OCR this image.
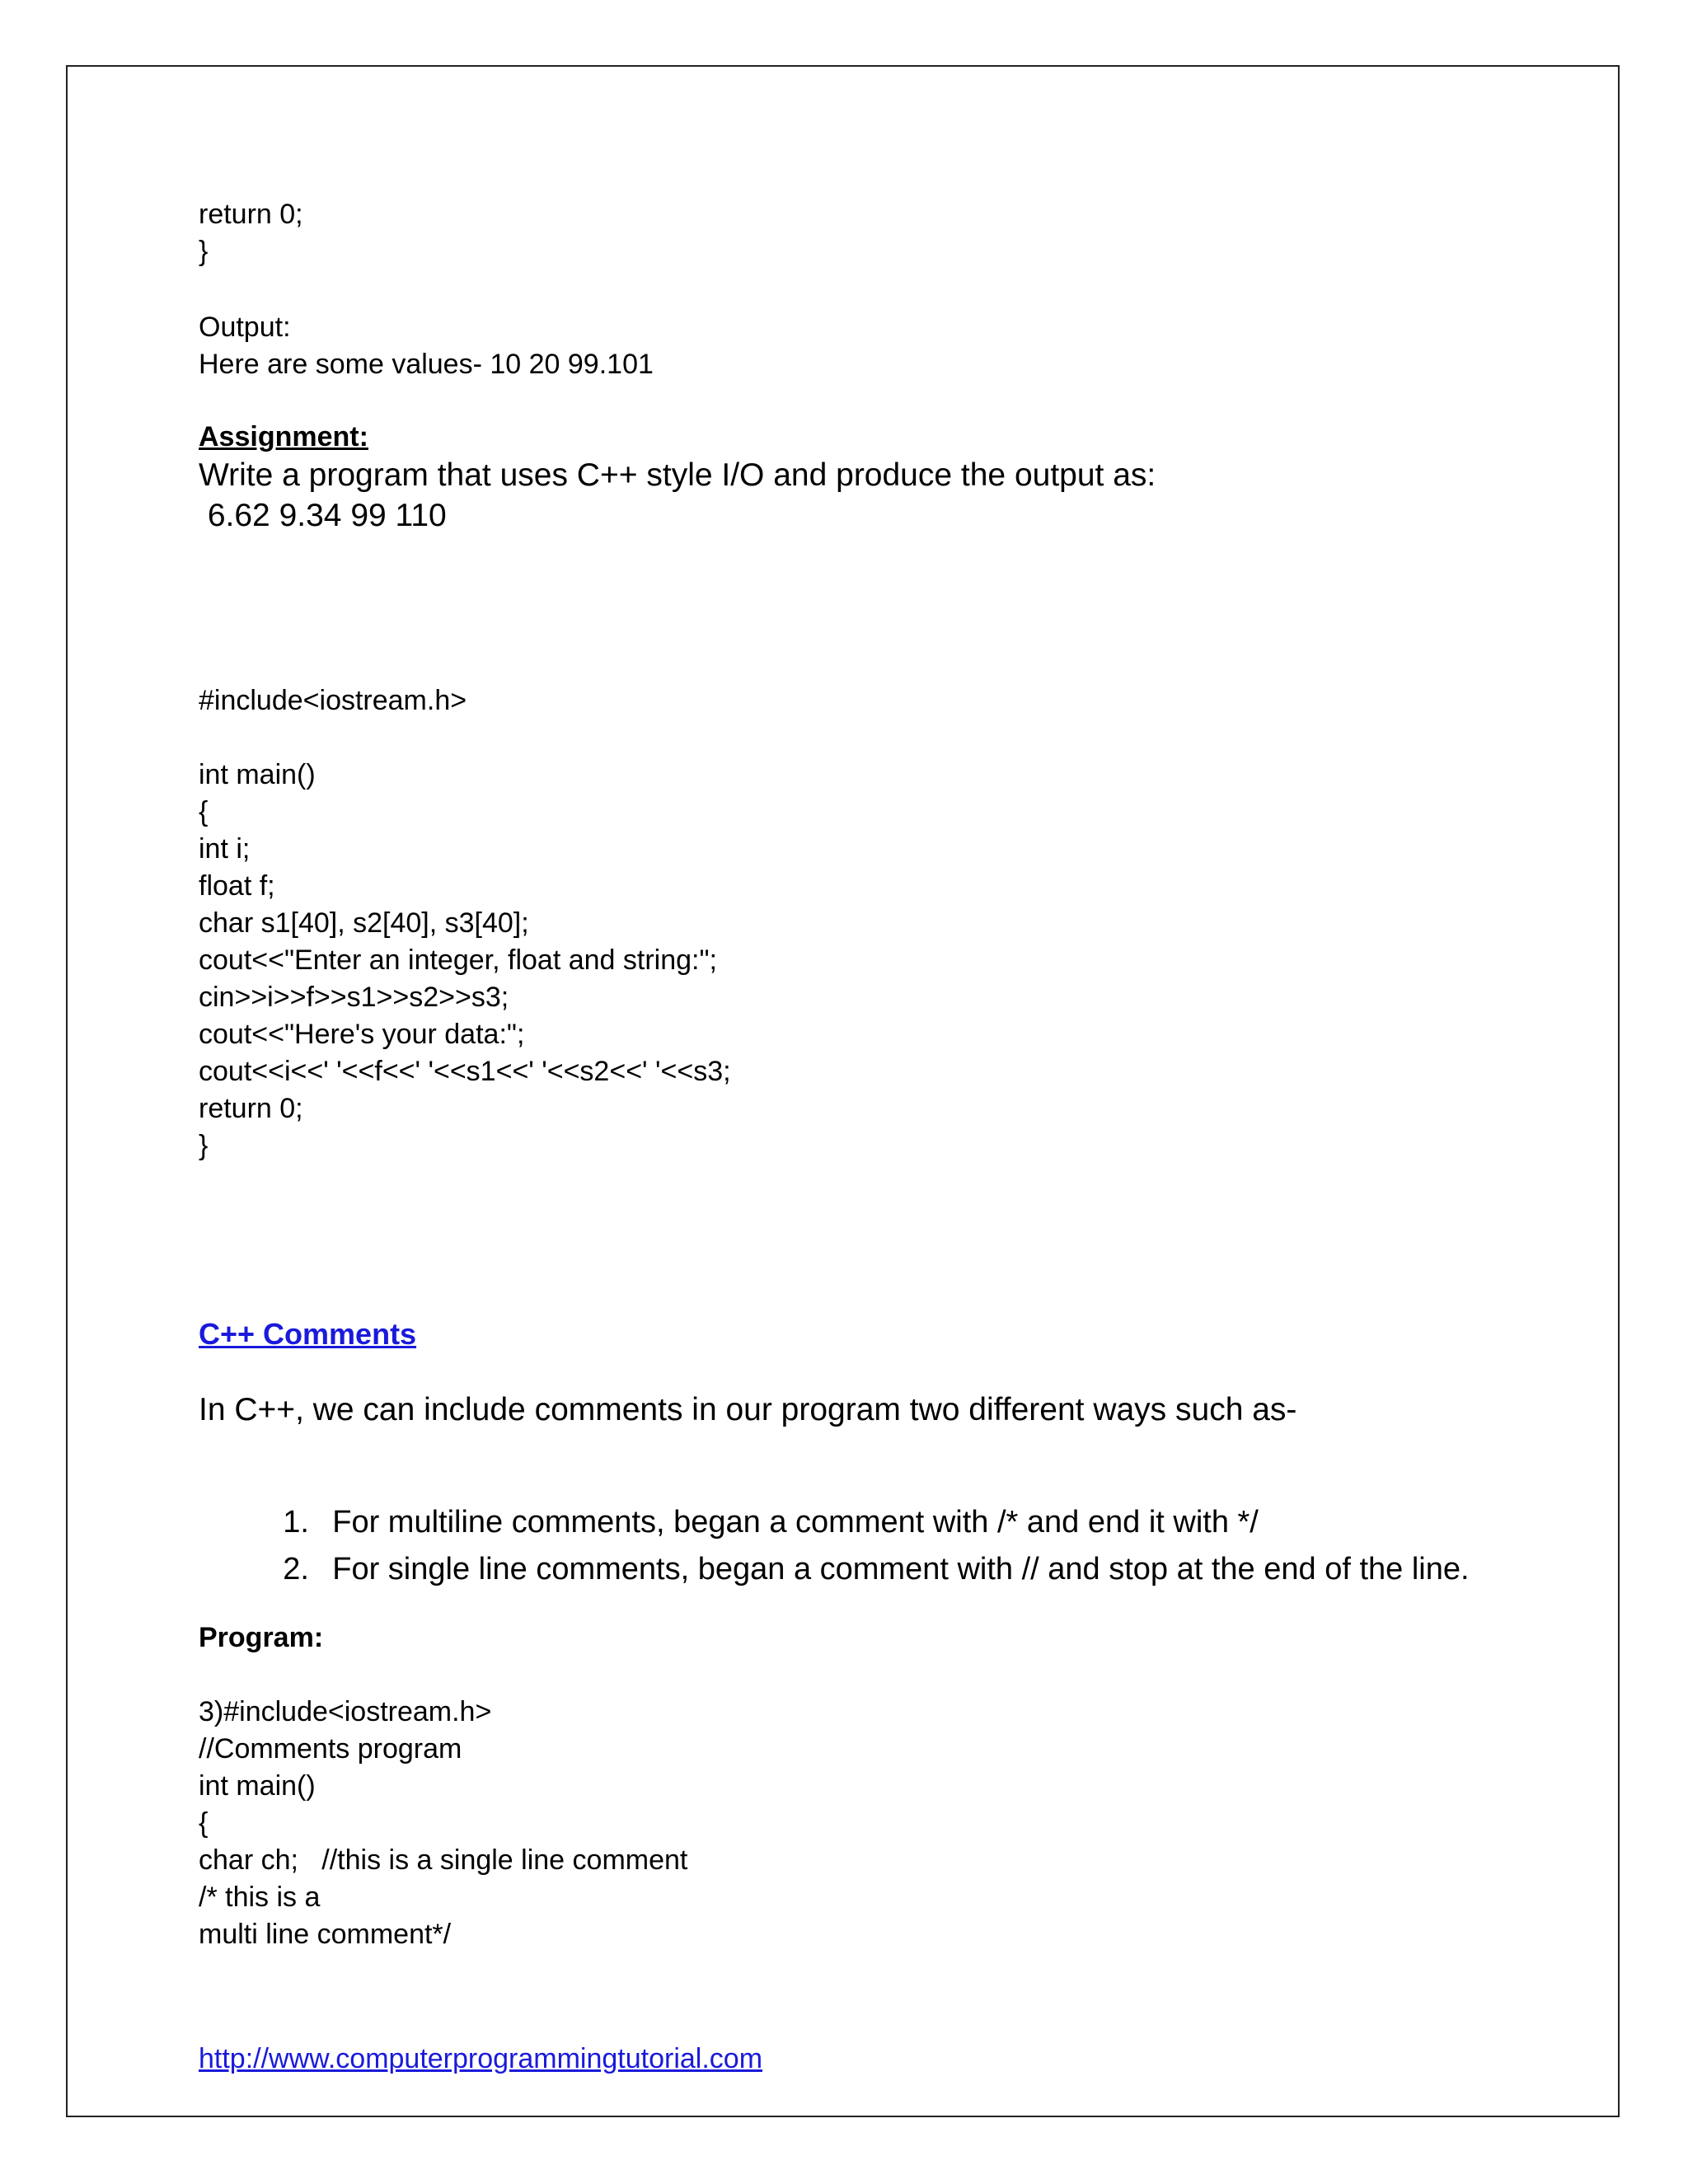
return 0;
}
Output:
Here are some values- 10 20 99.101
Assignment:
Write a program that uses C++ style I/O and produce the output as:
6.62 9.34 99 110
#include<iostream.h>
int main()
{
int i;
float f;
char s1[40], s2[40], s3[40];
cout<<"Enter an integer, float and string:";
cin>>i>>f>>s1>>s2>>s3;
cout<<"Here's your data:";
cout<<i<<' '<<f<<' '<<s1<<' '<<s2<<' '<<s3;
return 0;
}
C++ Comments
In C++, we can include comments in our program two different ways such as-

1. For multiline comments, began a comment with /* and end it with */

2. For single line comments, began a comment with // and stop at the end of the line.

Program:
3)#include<iostream.h>
//Comments program
int main()
{
char ch;   //this is a single line comment
/* this is a
multi line comment*/
http://www.computerprogrammingtutorial.com
